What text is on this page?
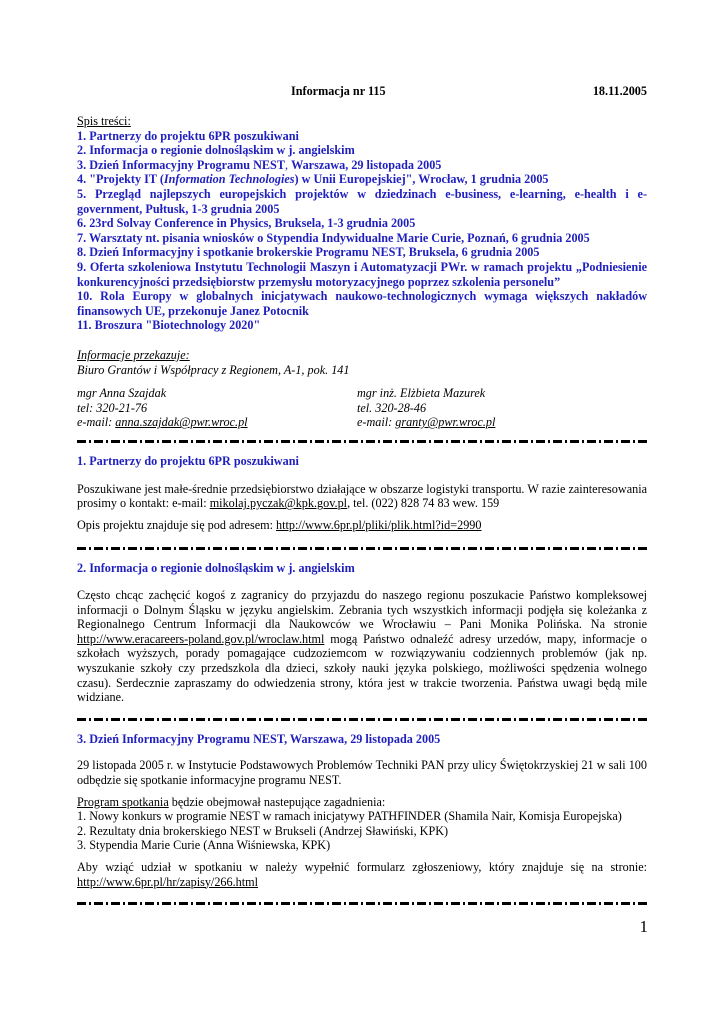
Informacja nr 115	18.11.2005
Spis treści:
1. Partnerzy do projektu 6PR poszukiwani
2. Informacja o regionie dolnośląskim w j. angielskim
3. Dzień Informacyjny Programu NEST, Warszawa, 29 listopada 2005
4. "Projekty IT (Information Technologies) w Unii Europejskiej", Wrocław, 1 grudnia 2005
5. Przegląd najlepszych europejskich projektów w dziedzinach e-business, e-learning, e-health i e-government, Pułtusk, 1-3 grudnia 2005
6. 23rd Solvay Conference in Physics, Bruksela, 1-3 grudnia 2005
7. Warsztaty nt. pisania wniosków o Stypendia Indywidualne Marie Curie, Poznań, 6 grudnia 2005
8. Dzień Informacyjny i spotkanie brokerskie Programu NEST, Bruksela, 6 grudnia 2005
9. Oferta szkoleniowa Instytutu Technologii Maszyn i Automatyzacji PWr. w ramach projektu „Podniesienie konkurencyjności przedsiębiorstw przemysłu motoryzacyjnego poprzez szkolenia personelu”
10. Rola Europy w globalnych inicjatywach naukowo-technologicznych wymaga większych nakładów finansowych UE, przekonuje Janez Potocnik
11. Broszura "Biotechnology 2020"
Informacje przekazuje:
Biuro Grantów i Współpracy z Regionem, A-1, pok. 141
mgr Anna Szajdak
tel: 320-21-76
e-mail: anna.szajdak@pwr.wroc.pl
mgr inż. Elżbieta Mazurek
tel. 320-28-46
e-mail: granty@pwr.wroc.pl
1. Partnerzy do projektu 6PR poszukiwani
Poszukiwane jest małe-średnie przedsiębiorstwo działające w obszarze logistyki transportu. W razie zainteresowania prosimy o kontakt: e-mail: mikolaj.pyczak@kpk.gov.pl, tel. (022) 828 74 83 wew. 159
Opis projektu znajduje się pod adresem: http://www.6pr.pl/pliki/plik.html?id=2990
2. Informacja o regionie dolnośląskim w j. angielskim
Często chcąc zachęcić kogoś z zagranicy do przyjazdu do naszego regionu poszukacie Państwo kompleksowej informacji o Dolnym Śląsku w języku angielskim. Zebrania tych wszystkich informacji podjęła się koleżanka z Regionalnego Centrum Informacji dla Naukowców we Wrocławiu – Pani Monika Polińska. Na stronie http://www.eracareers-poland.gov.pl/wroclaw.html mogą Państwo odnaleźć adresy urzedów, mapy, informacje o szkołach wyższych, porady pomagające cudzoziemcom w rozwiązywaniu codziennych problemów (jak np. wyszukanie szkoły czy przedszkola dla dzieci, szkoły nauki języka polskiego, możliwości spędzenia wolnego czasu). Serdecznie zapraszamy do odwiedzenia strony, która jest w trakcie tworzenia. Państwa uwagi będą mile widziane.
3. Dzień Informacyjny Programu NEST, Warszawa, 29 listopada 2005
29 listopada 2005 r. w Instytucie Podstawowych Problemów Techniki PAN przy ulicy Świętokrzyskiej 21 w sali 100 odbędzie się spotkanie informacyjne programu NEST.
Program spotkania będzie obejmował nastepujące zagadnienia:
1. Nowy konkurs w programie NEST w ramach inicjatywy PATHFINDER (Shamila Nair, Komisja Europejska)
2. Rezultaty dnia brokerskiego NEST w Brukseli (Andrzej Sławiński, KPK)
3. Stypendia Marie Curie (Anna Wiśniewska, KPK)
Aby wziąć udział w spotkaniu w należy wypełnić formularz zgłoszeniowy, który znajduje się na stronie: http://www.6pr.pl/hr/zapisy/266.html
1
